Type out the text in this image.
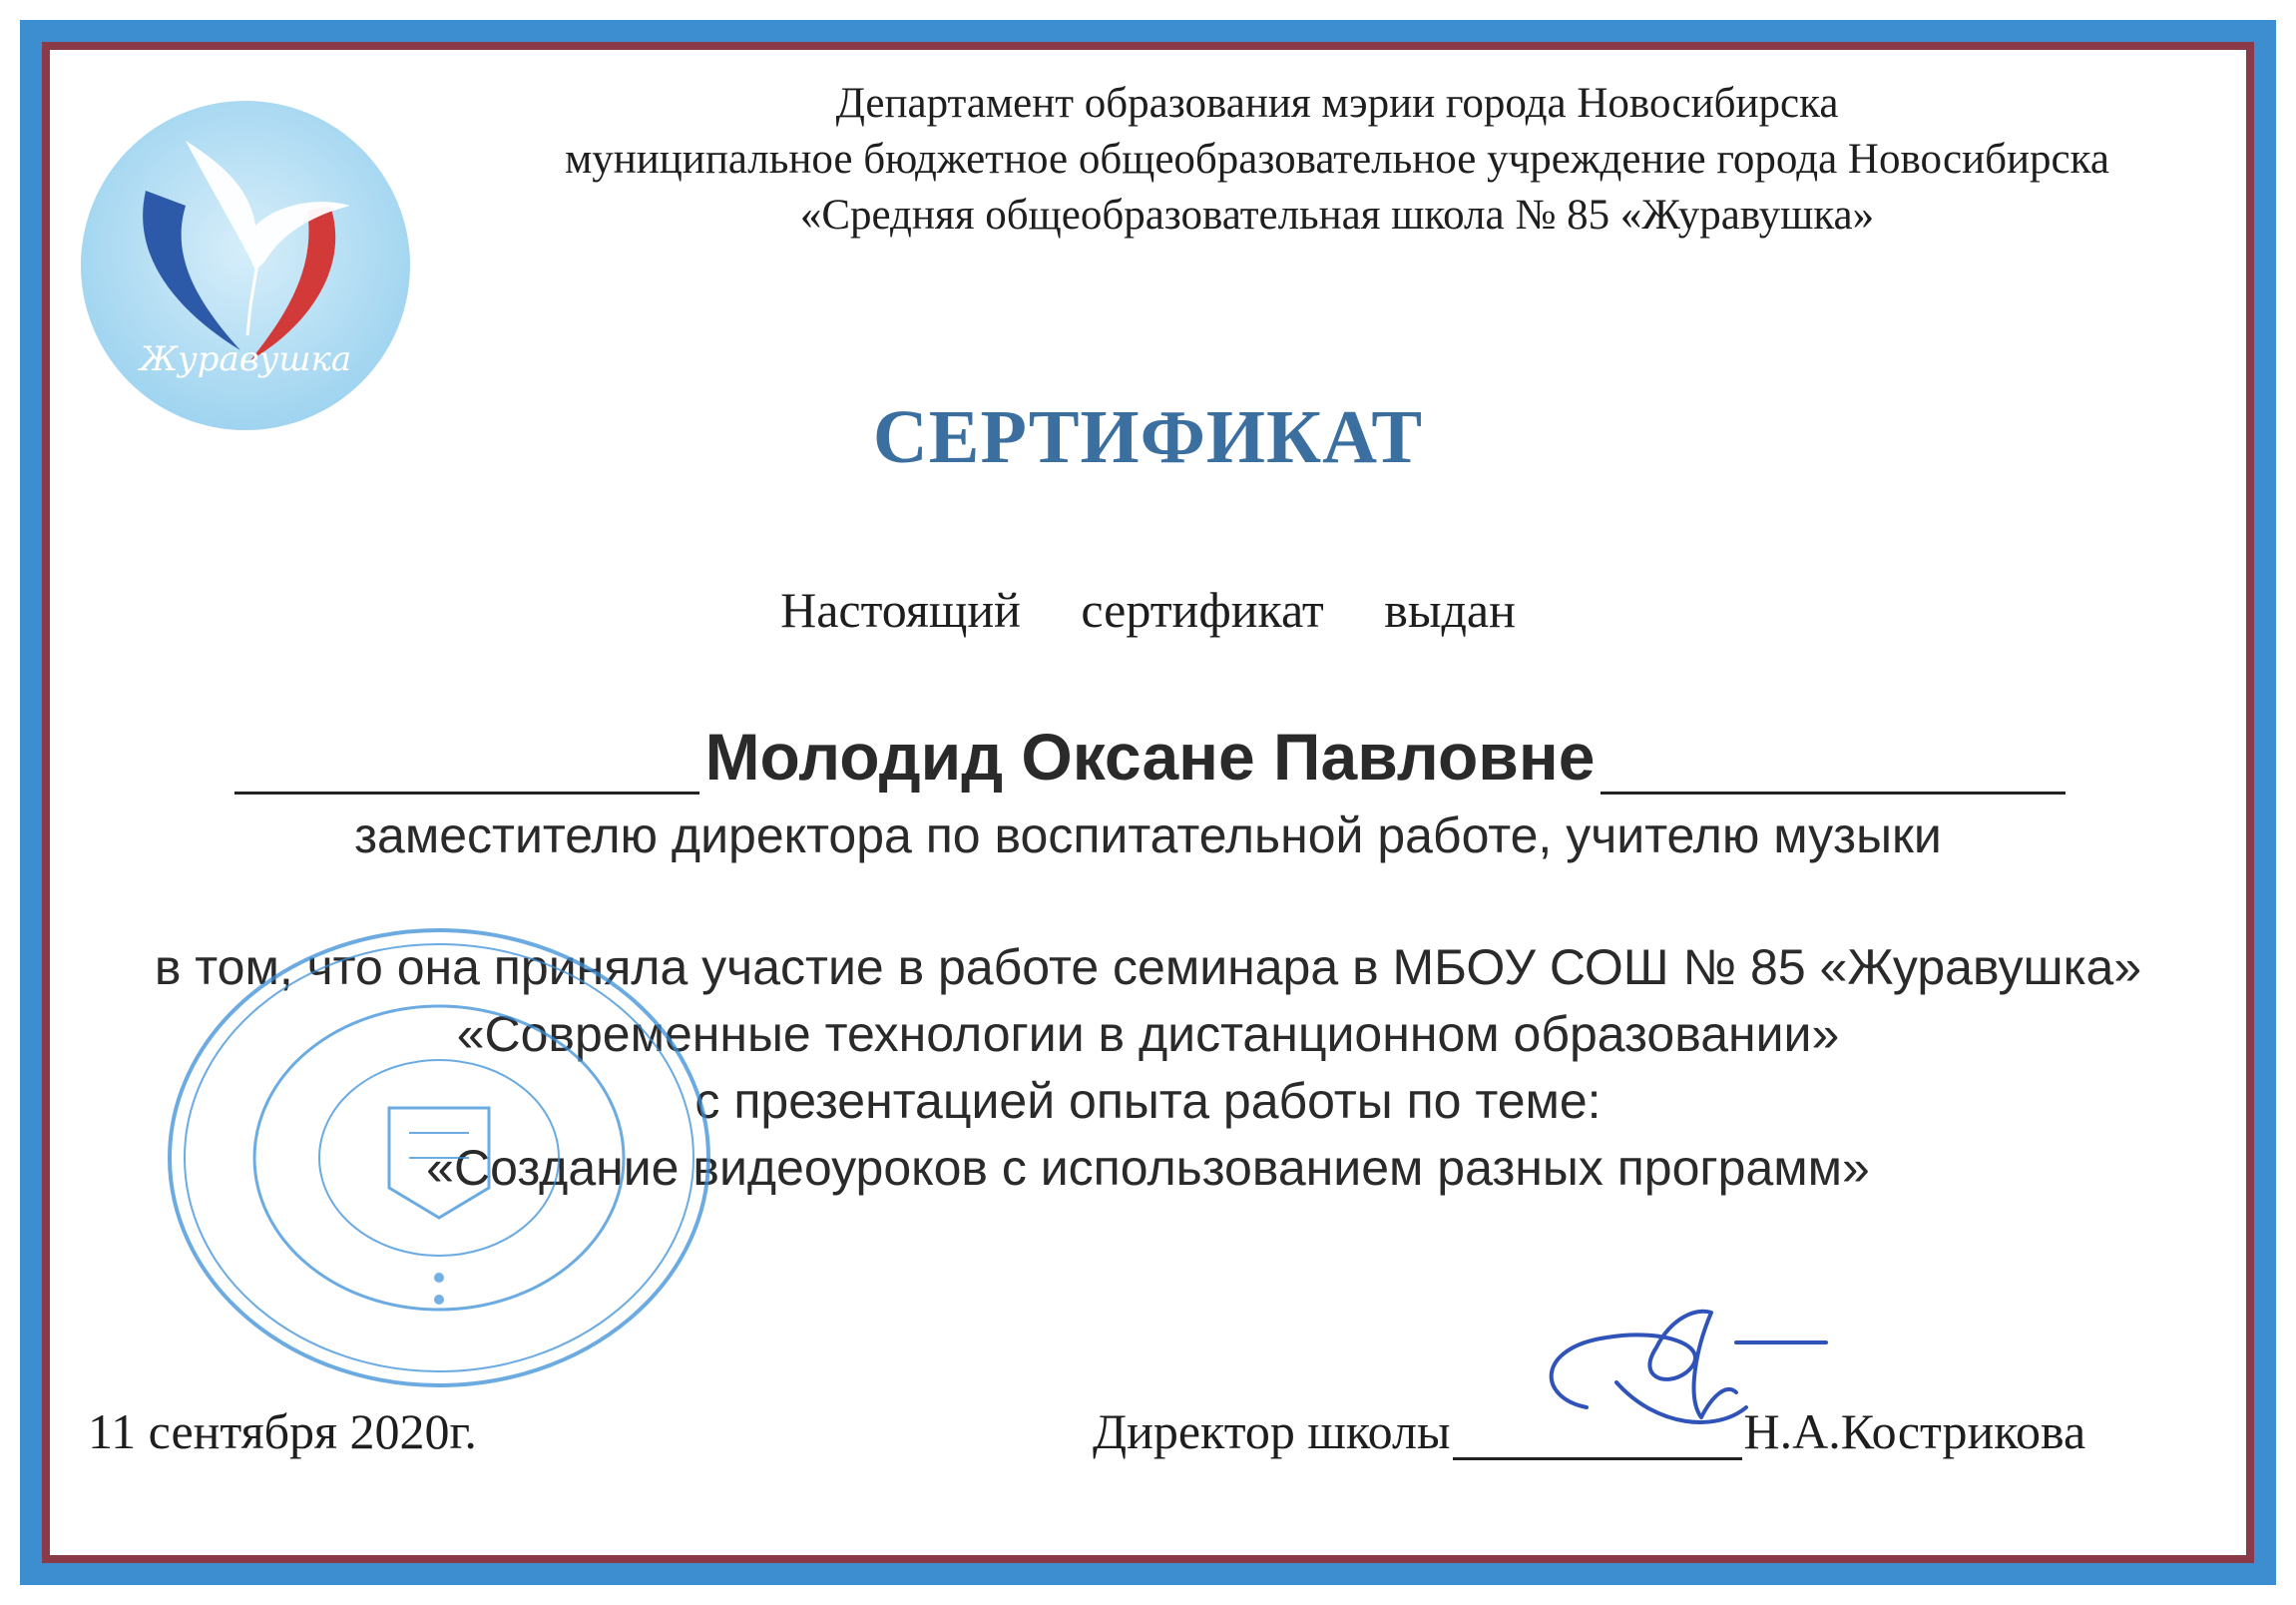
Журавушка
Департамент образования мэрии города Новосибирска
муниципальное бюджетное общеобразовательное учреждение города Новосибирска
«Средняя общеобразовательная школа № 85 «Журавушка»
СЕРТИФИКАТ
Настоящий сертификат выдан
Молодид Оксане Павловне
заместителю директора по воспитательной работе, учителю музыки
в том, что она приняла участие в работе семинара в МБОУ СОШ № 85 «Журавушка»
«Современные технологии в дистанционном образовании»
с презентацией опыта работы по теме:
«Создание видеоуроков с использованием разных программ»
11 сентября 2020г.	Директор школы	Н.А.Кострикова
